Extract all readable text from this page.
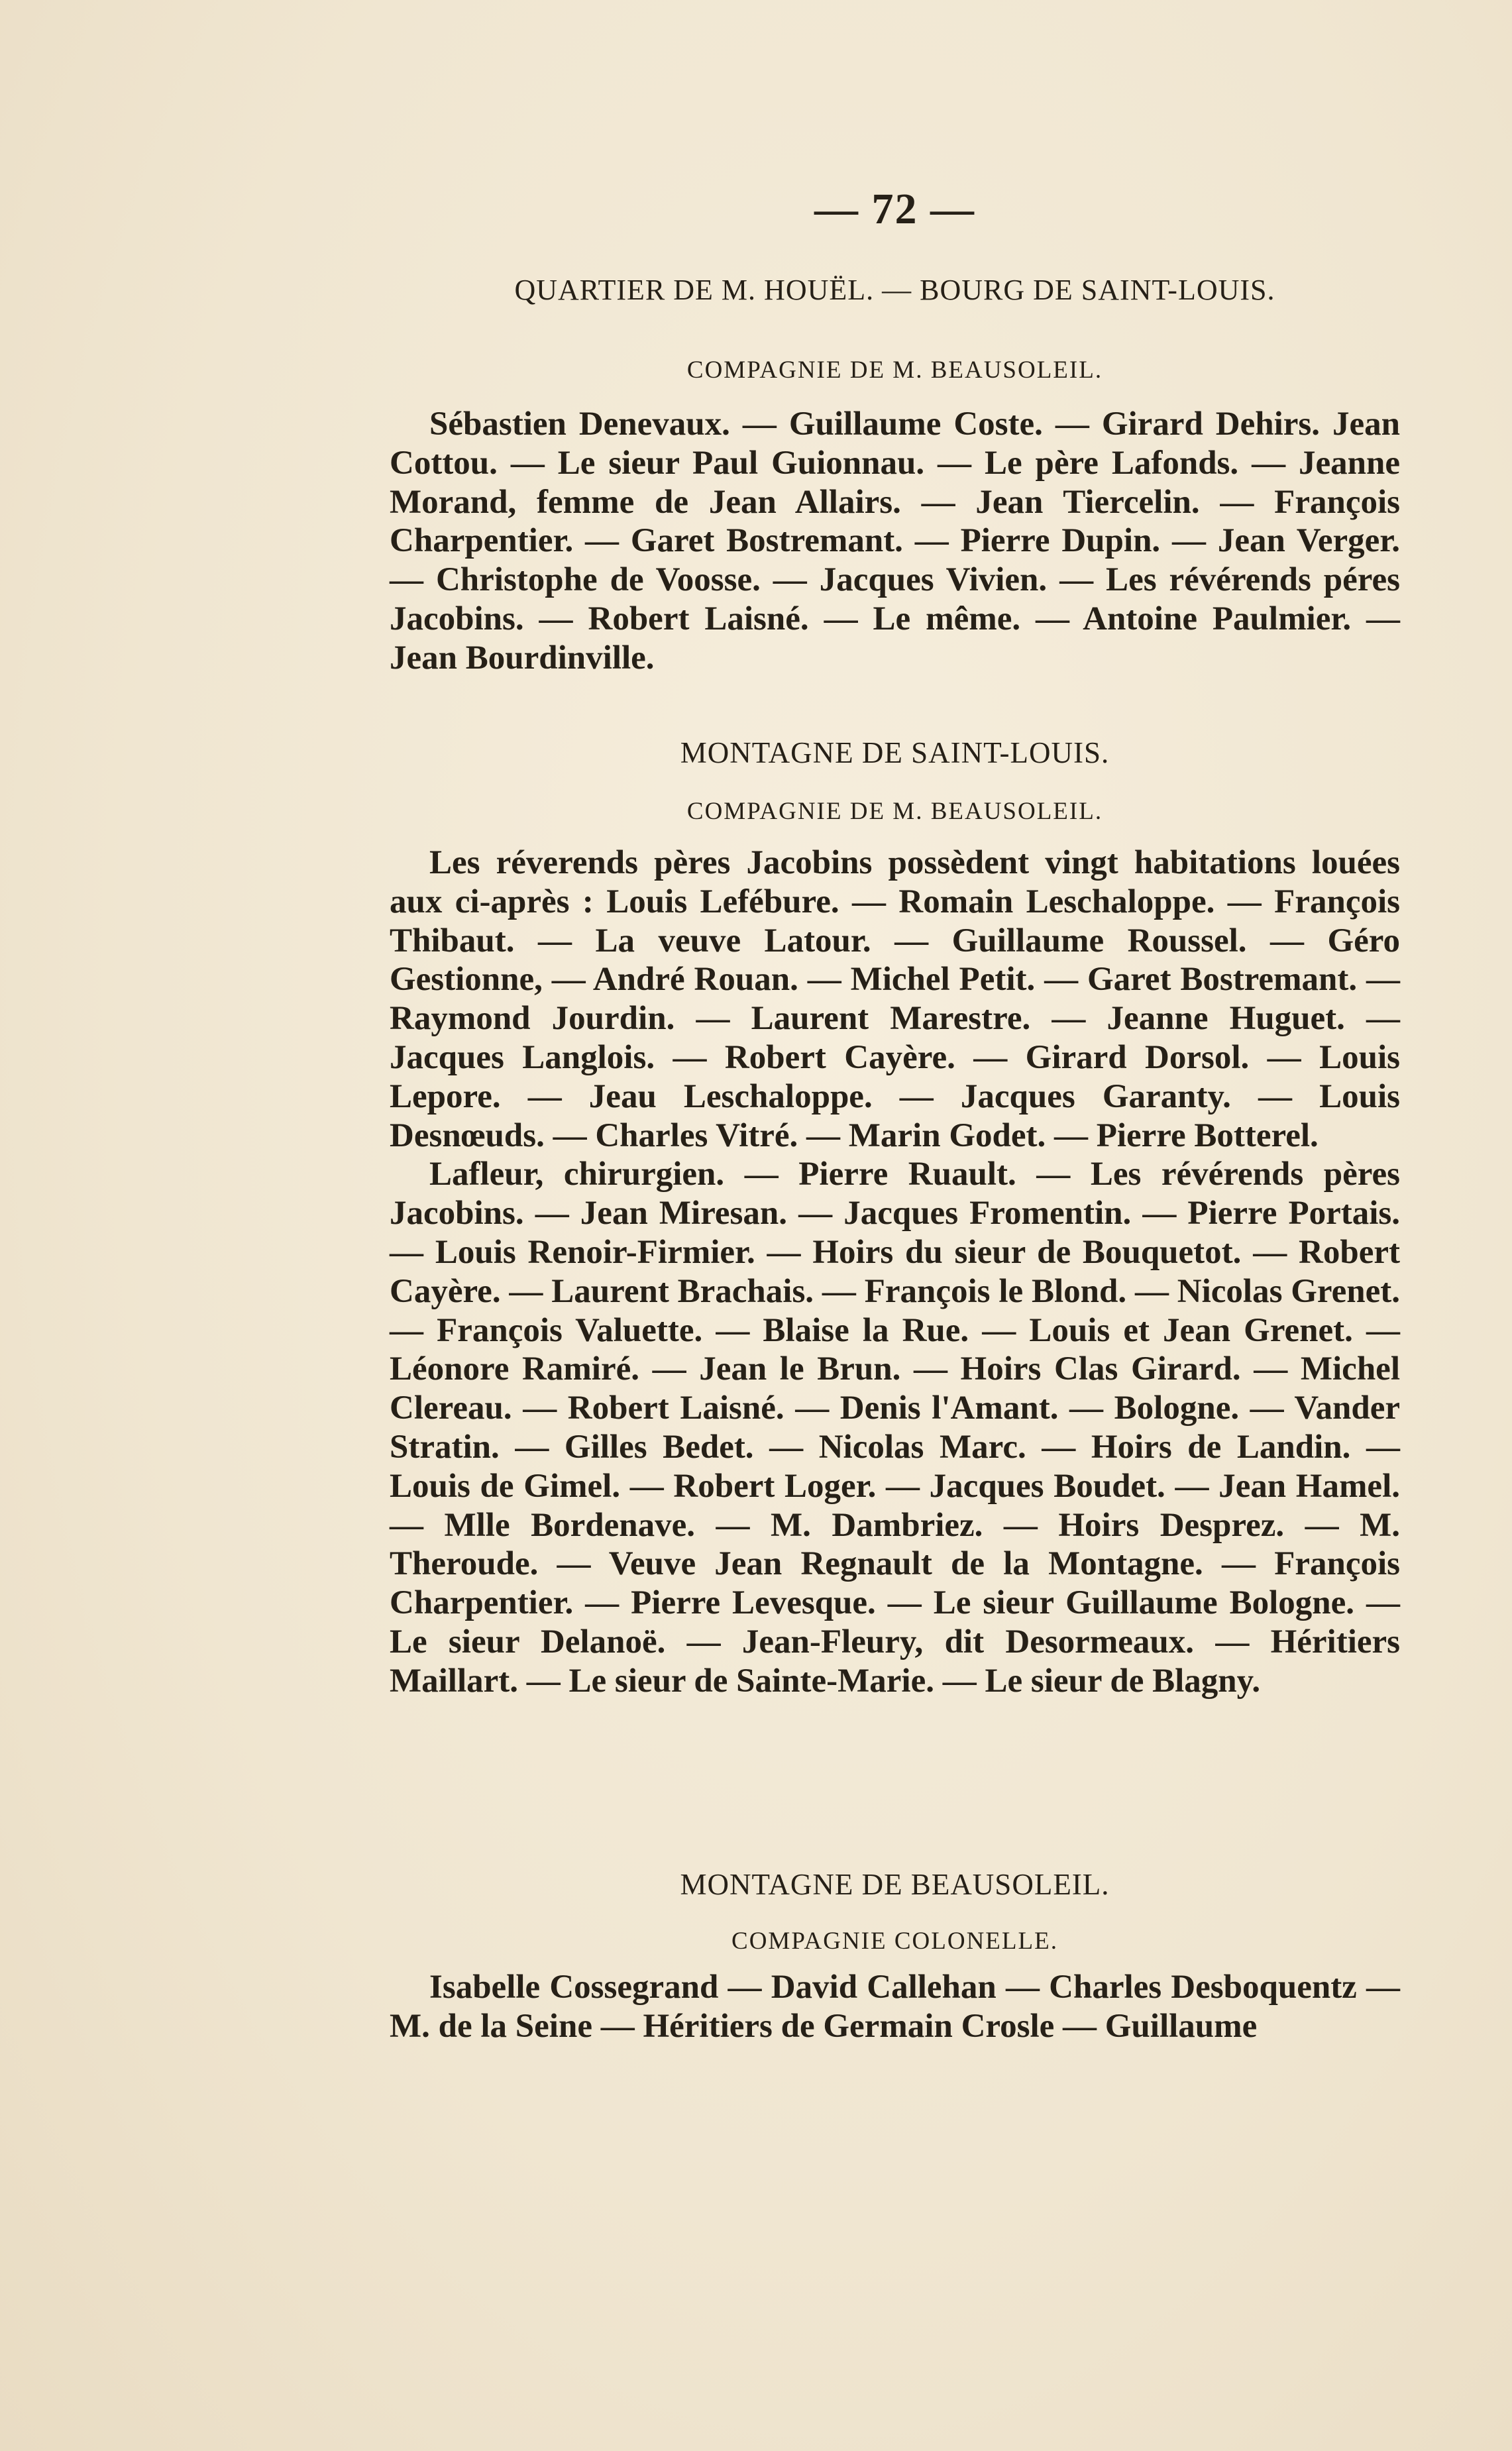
— 72 —
QUARTIER DE M. HOUËL. — BOURG DE SAINT-LOUIS.
COMPAGNIE DE M. BEAUSOLEIL.

Sébastien Denevaux. — Guillaume Coste. — Girard Dehirs. Jean Cottou. — Le sieur Paul Guionnau. — Le père Lafonds. — Jeanne Morand, femme de Jean Allairs. — Jean Tiercelin. — François Charpentier. — Garet Bostremant. — Pierre Dupin. — Jean Verger. — Christophe de Voosse. — Jacques Vivien. — Les révérends péres Jacobins. — Robert Laisné. — Le même. — Antoine Paulmier. — Jean Bourdinville.

MONTAGNE DE SAINT-LOUIS.
COMPAGNIE DE M. BEAUSOLEIL.

Les réverends pères Jacobins possèdent vingt habitations louées aux ci-après : Louis Lefébure. — Romain Leschaloppe. — François Thibaut. — La veuve Latour. — Guillaume Roussel. — Géro Gestionne, — André Rouan. — Michel Petit. — Garet Bostremant. — Raymond Jourdin. — Laurent Marestre. — Jeanne Huguet. — Jacques Langlois. — Robert Cayère. — Girard Dorsol. — Louis Lepore. — Jeau Leschaloppe. — Jacques Garanty. — Louis Desnœuds. — Charles Vitré. — Marin Godet. — Pierre Botterel.

Lafleur, chirurgien. — Pierre Ruault. — Les révérends pères Jacobins. — Jean Miresan. — Jacques Fromentin. — Pierre Portais. — Louis Renoir-Firmier. — Hoirs du sieur de Bouquetot. — Robert Cayère. — Laurent Brachais. — François le Blond. — Nicolas Grenet. — François Valuette. — Blaise la Rue. — Louis et Jean Grenet. — Léonore Ramiré. — Jean le Brun. — Hoirs Clas Girard. — Michel Clereau. — Robert Laisné. — Denis l'Amant. — Bologne. — Vander Stratin. — Gilles Bedet. — Nicolas Marc. — Hoirs de Landin. — Louis de Gimel. — Robert Loger. — Jacques Boudet. — Jean Hamel. — Mlle Bordenave. — M. Dambriez. — Hoirs Desprez. — M. Theroude. — Veuve Jean Regnault de la Montagne. — François Charpentier. — Pierre Levesque. — Le sieur Guillaume Bologne. — Le sieur Delanoë. — Jean-Fleury, dit Desormeaux. — Héritiers Maillart. — Le sieur de Sainte-Marie. — Le sieur de Blagny.

MONTAGNE DE BEAUSOLEIL.
COMPAGNIE COLONELLE.

Isabelle Cossegrand — David Callehan — Charles Desboquentz —M. de la Seine — Héritiers de Germain Crosle — Guillaume
